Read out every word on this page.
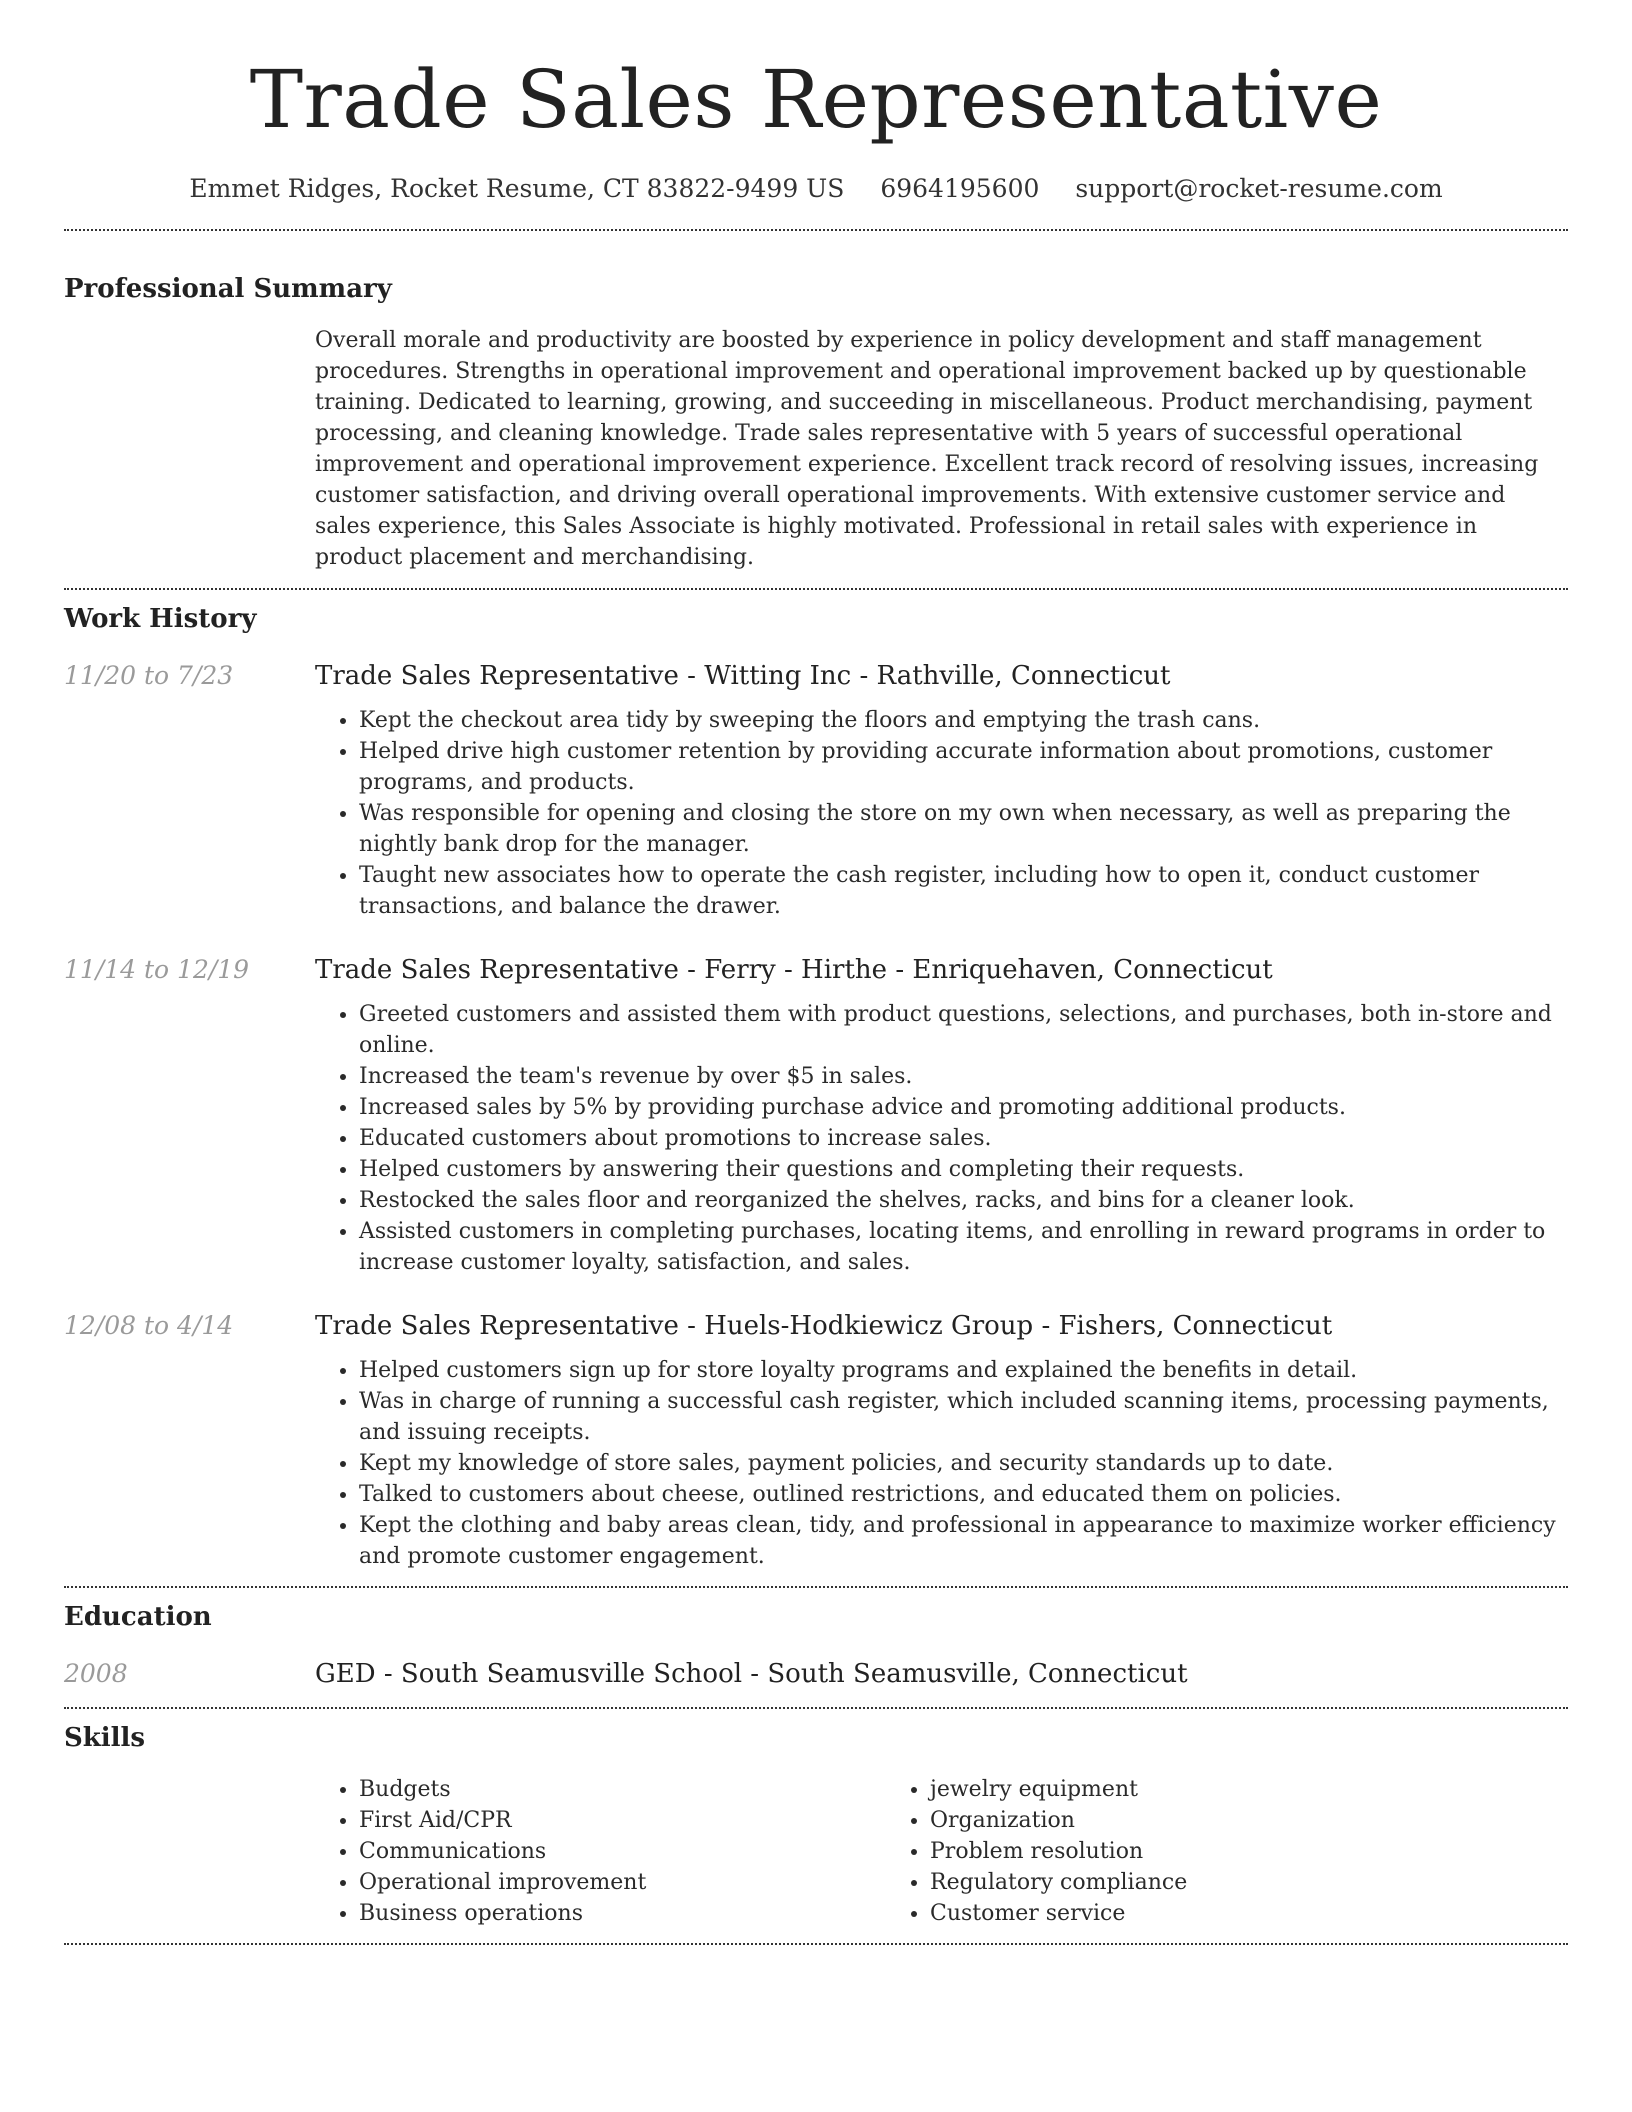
Trade Sales Representative
Emmet Ridges, Rocket Resume, CT 83822-9499 US 6964195600 support@rocket-resume.com
Professional Summary

Overall morale and productivity are boosted by experience in policy development and staff management procedures. Strengths in operational improvement and operational improvement backed up by questionable training. Dedicated to learning, growing, and succeeding in miscellaneous. Product merchandising, payment processing, and cleaning knowledge. Trade sales representative with 5 years of successful operational improvement and operational improvement experience. Excellent track record of resolving issues, increasing customer satisfaction, and driving overall operational improvements. With extensive customer service and sales experience, this Sales Associate is highly motivated. Professional in retail sales with experience in product placement and merchandising.

Work History
11/20 to 7/23	Trade Sales Representative - Witting Inc - Rathville, Connecticut
• Kept the checkout area tidy by sweeping the floors and emptying the trash cans.
• Helped drive high customer retention by providing accurate information about promotions, customer programs, and products.
• Was responsible for opening and closing the store on my own when necessary, as well as preparing the nightly bank drop for the manager.
• Taught new associates how to operate the cash register, including how to open it, conduct customer transactions, and balance the drawer.
11/14 to 12/19	Trade Sales Representative - Ferry - Hirthe - Enriquehaven, Connecticut
• Greeted customers and assisted them with product questions, selections, and purchases, both in-store and online.
• Increased the team's revenue by over $5 in sales.
• Increased sales by 5% by providing purchase advice and promoting additional products.
• Educated customers about promotions to increase sales.
• Helped customers by answering their questions and completing their requests.
• Restocked the sales floor and reorganized the shelves, racks, and bins for a cleaner look.
• Assisted customers in completing purchases, locating items, and enrolling in reward programs in order to increase customer loyalty, satisfaction, and sales.
12/08 to 4/14	Trade Sales Representative - Huels-Hodkiewicz Group - Fishers, Connecticut
• Helped customers sign up for store loyalty programs and explained the benefits in detail.
• Was in charge of running a successful cash register, which included scanning items, processing payments, and issuing receipts.
• Kept my knowledge of store sales, payment policies, and security standards up to date.
• Talked to customers about cheese, outlined restrictions, and educated them on policies.
• Kept the clothing and baby areas clean, tidy, and professional in appearance to maximize worker efficiency and promote customer engagement.
Education
2008	GED - South Seamusville School - South Seamusville, Connecticut
Skills
• Budgets
• First Aid/CPR
• Communications
• Operational improvement
• Business operations
• jewelry equipment
• Organization
• Problem resolution
• Regulatory compliance
• Customer service
